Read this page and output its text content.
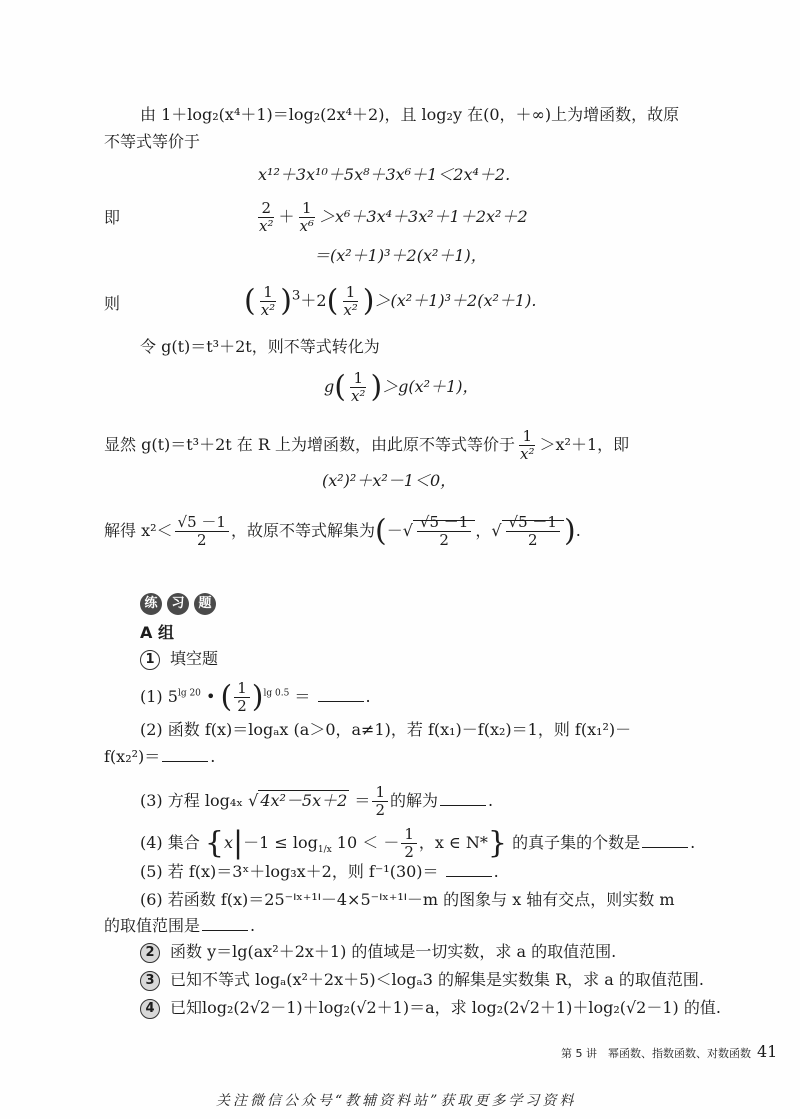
由 1＋log₂(x⁴＋1)＝log₂(2x⁴＋2)，且 log₂y 在(0，＋∞)上为增函数，故原
不等式等价于
x¹²＋3x¹⁰＋5x⁸＋3x⁶＋1＜2x⁴＋2.
即	$\frac{2}{\text{x²}} + \frac{1}{\text{x⁶}} >x^6+3x^4+3x^2+1+2x^2+2$
＝(x²＋1)³＋2(x²＋1)，
则	( $\frac{1}{\text{x²}} )^3+2( \frac{1}{\text{x²}} )>(x^2+1)^3+2(x^2+1)$.
令 g(t)＝t³＋2t，则不等式转化为
$g( \frac{1}{\text{x²}} )>g(x^2+1)$，
显然 g(t)＝t³＋2t 在 R 上为增函数，由此原不等式等价于 $\frac{1}{\text{x²}} >x^2+1$，即
(x²)²＋x²－1＜0，
解得 $x^2< \frac{√5 -1}{2}$ ，故原不等式解集为(－√ $\frac{√5 -1}{2}$ ，√ $\frac{√5 -1}{2}$ ).
练 习 题
A 组
1 填空题
(1) $5^{lg 20}$ • ( $\frac{1}{2} )^{lg 0.5}$ ＝	.
(2) 函数 f(x)＝logₐx (a＞0，a≠1)，若 f(x₁)－f(x₂)＝1，则 f(x₁²)－
f(x₂²)＝	.
(3) 方程 log₄ₓ √ $4x^2-5x+2 = \frac{1}{2}$ 的解为	.
(4) 集合 {$x|-1 \le \log_{1/x} 10$ ＜ － $\frac{1}{2}$ ，x ∈ N*} 的真子集的个数是	.
(5) 若 f(x)＝3ˣ＋log₃x＋2，则 f⁻¹(30)＝	.
(6) 若函数 f(x)＝25⁻ᑊˣ⁺¹ᑊ－4×5⁻ᑊˣ⁺¹ᑊ－m 的图象与 x 轴有交点，则实数 m
的取值范围是	.
2 函数 y＝lg(ax²＋2x＋1) 的值域是一切实数，求 a 的取值范围.
3 已知不等式 logₐ(x²＋2x＋5)＜logₐ3 的解集是实数集 R，求 a 的取值范围.
4 已知log₂(2√2－1)＋log₂(√2＋1)＝a，求 log₂(2√2＋1)＋log₂(√2－1) 的值.
第 5 讲　幂函数、指数函数、对数函数 41
关注微信公众号“教辅资料站”获取更多学习资料
